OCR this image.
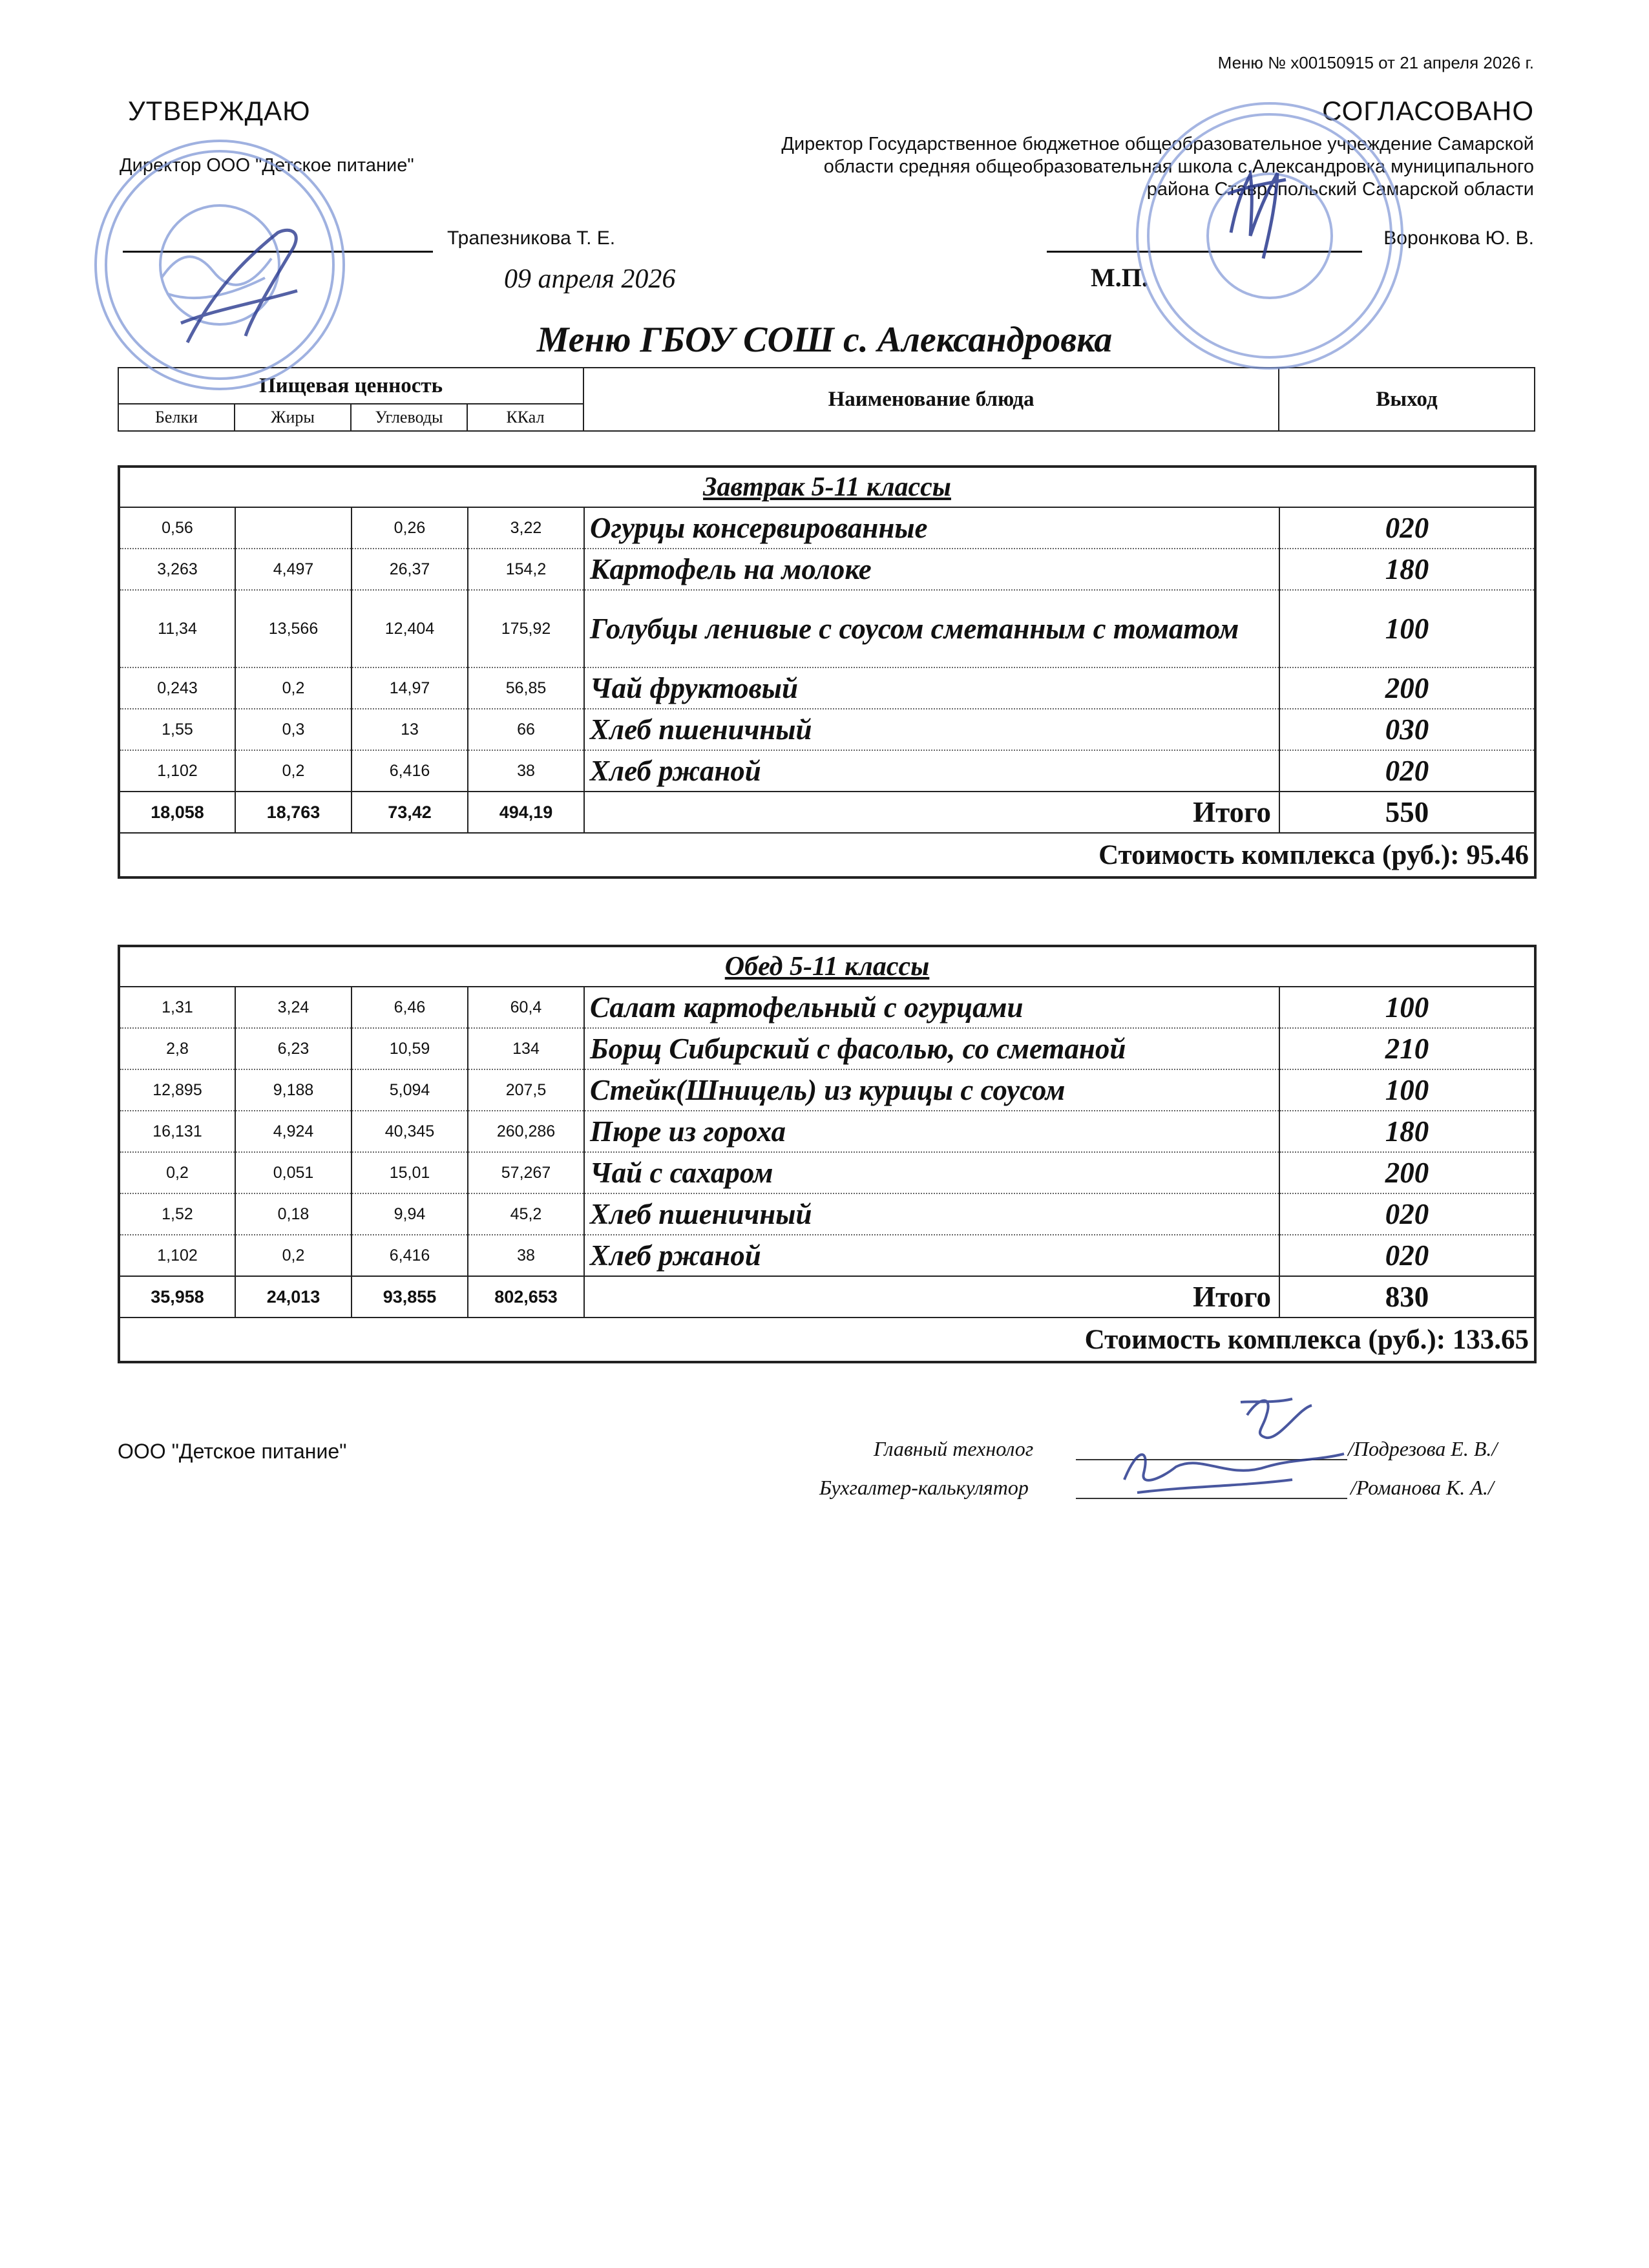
Меню № х00150915 от 21 апреля 2026 г.
УТВЕРЖДАЮ
Директор ООО "Детское питание"
Трапезникова Т. Е.
09 апреля 2026
СОГЛАСОВАНО
Директор Государственное бюджетное общеобразовательное учреждение Самарской
области средняя общеобразовательная школа с.Александровка муниципального
района Ставропольский Самарской области
Воронкова Ю. В.
М.П.
Меню ГБОУ СОШ с. Александровка
Пищевая ценность				Наименование блюда	Выход
Белки	Жиры	Углеводы	ККал		
Завтрак 5-11 классы					
0,56		0,26	3,22	Огурцы консервированные	020
3,263	4,497	26,37	154,2	Картофель на молоке	180
11,34	13,566	12,404	175,92	Голубцы ленивые с соусом сметанным с томатом	100
0,243	0,2	14,97	56,85	Чай фруктовый	200
1,55	0,3	13	66	Хлеб пшеничный	030
1,102	0,2	6,416	38	Хлеб ржаной	020
18,058	18,763	73,42	494,19	Итого	550
Стоимость комплекса (руб.): 95.46					
Обед 5-11 классы					
1,31	3,24	6,46	60,4	Салат картофельный с огурцами	100
2,8	6,23	10,59	134	Борщ Сибирский с фасолью, со сметаной	210
12,895	9,188	5,094	207,5	Стейк(Шницель) из курицы с соусом	100
16,131	4,924	40,345	260,286	Пюре из гороха	180
0,2	0,051	15,01	57,267	Чай с сахаром	200
1,52	0,18	9,94	45,2	Хлеб пшеничный	020
1,102	0,2	6,416	38	Хлеб ржаной	020
35,958	24,013	93,855	802,653	Итого	830
Стоимость комплекса (руб.): 133.65					
ООО "Детское питание"	Главный технолог	/Подрезова Е. В./
Бухгалтер-калькулятор	/Романова К. А./
